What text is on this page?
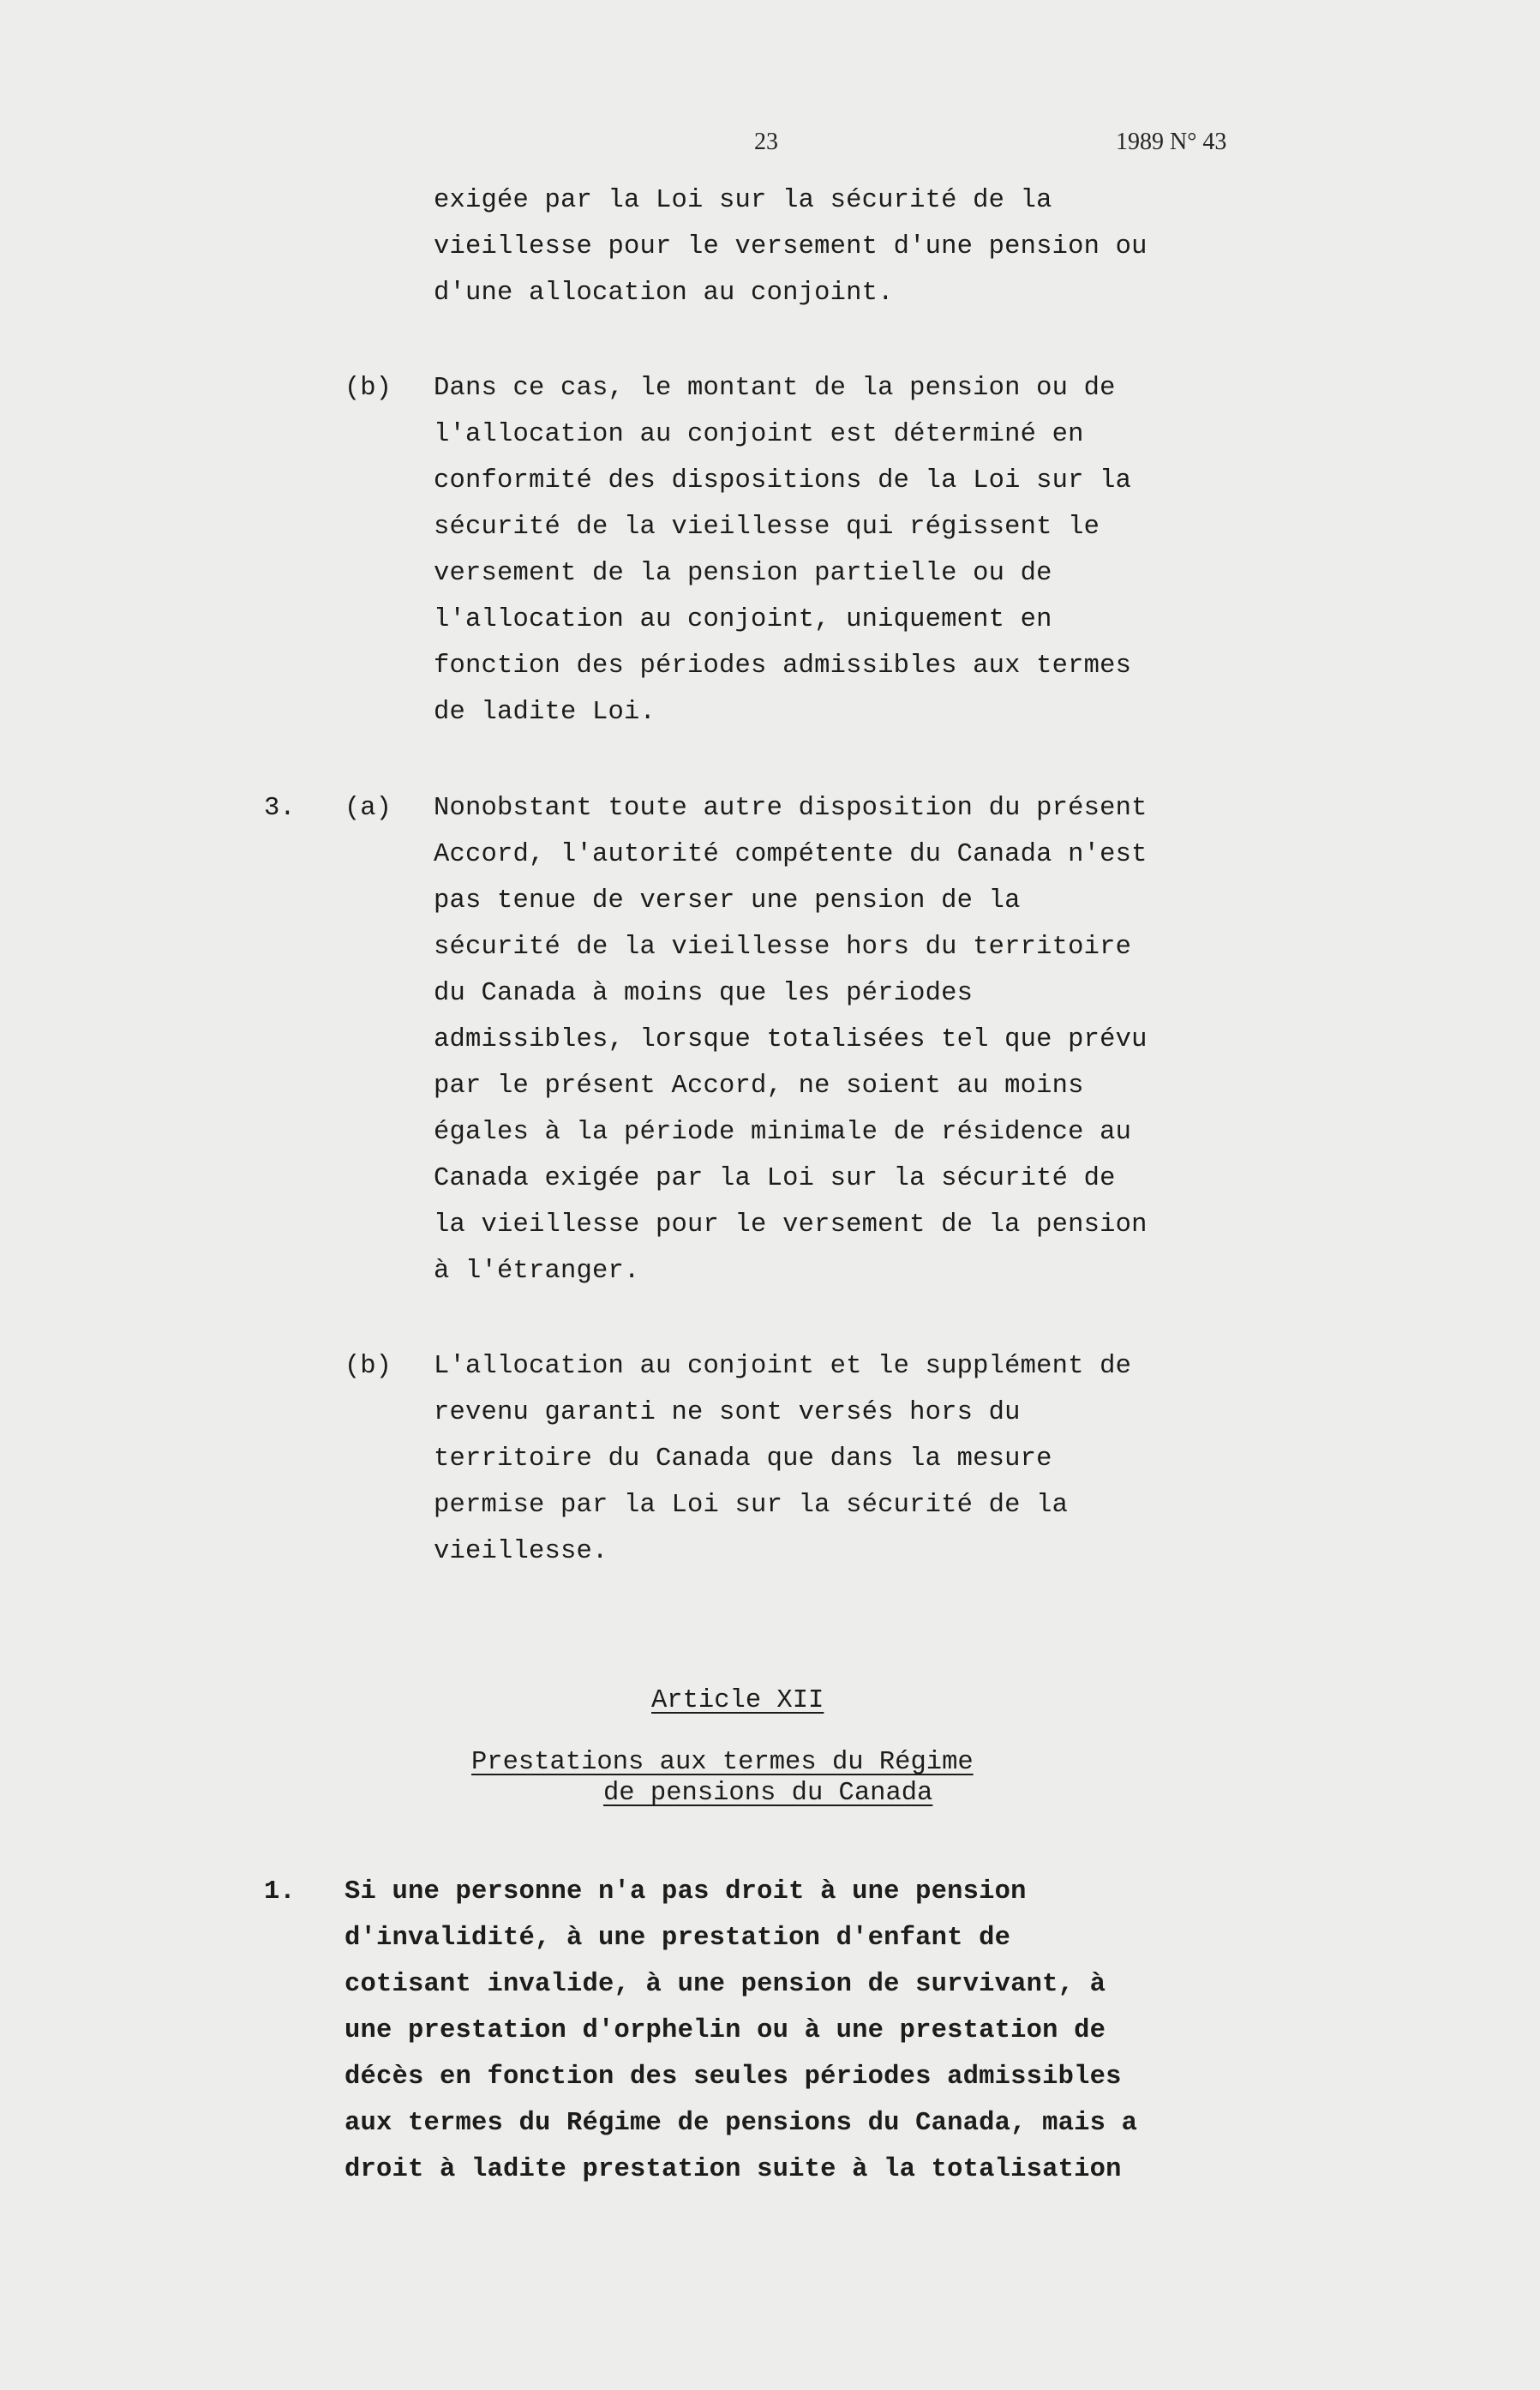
23	1989 N° 43
exigée par la Loi sur la sécurité de la
vieillesse pour le versement d'une pension ou
d'une allocation au conjoint.
(b) Dans ce cas, le montant de la pension ou de
l'allocation au conjoint est déterminé en
conformité des dispositions de la Loi sur la
sécurité de la vieillesse qui régissent le
versement de la pension partielle ou de
l'allocation au conjoint, uniquement en
fonction des périodes admissibles aux termes
de ladite Loi.
3. (a) Nonobstant toute autre disposition du présent
Accord, l'autorité compétente du Canada n'est
pas tenue de verser une pension de la
sécurité de la vieillesse hors du territoire
du Canada à moins que les périodes
admissibles, lorsque totalisées tel que prévu
par le présent Accord, ne soient au moins
égales à la période minimale de résidence au
Canada exigée par la Loi sur la sécurité de
la vieillesse pour le versement de la pension
à l'étranger.
(b) L'allocation au conjoint et le supplément de
revenu garanti ne sont versés hors du
territoire du Canada que dans la mesure
permise par la Loi sur la sécurité de la
vieillesse.
Article XII
Prestations aux termes du Régime
de pensions du Canada
1. Si une personne n'a pas droit à une pension
d'invalidité, à une prestation d'enfant de
cotisant invalide, à une pension de survivant, à
une prestation d'orphelin ou à une prestation de
décès en fonction des seules périodes admissibles
aux termes du Régime de pensions du Canada, mais a
droit à ladite prestation suite à la totalisation
